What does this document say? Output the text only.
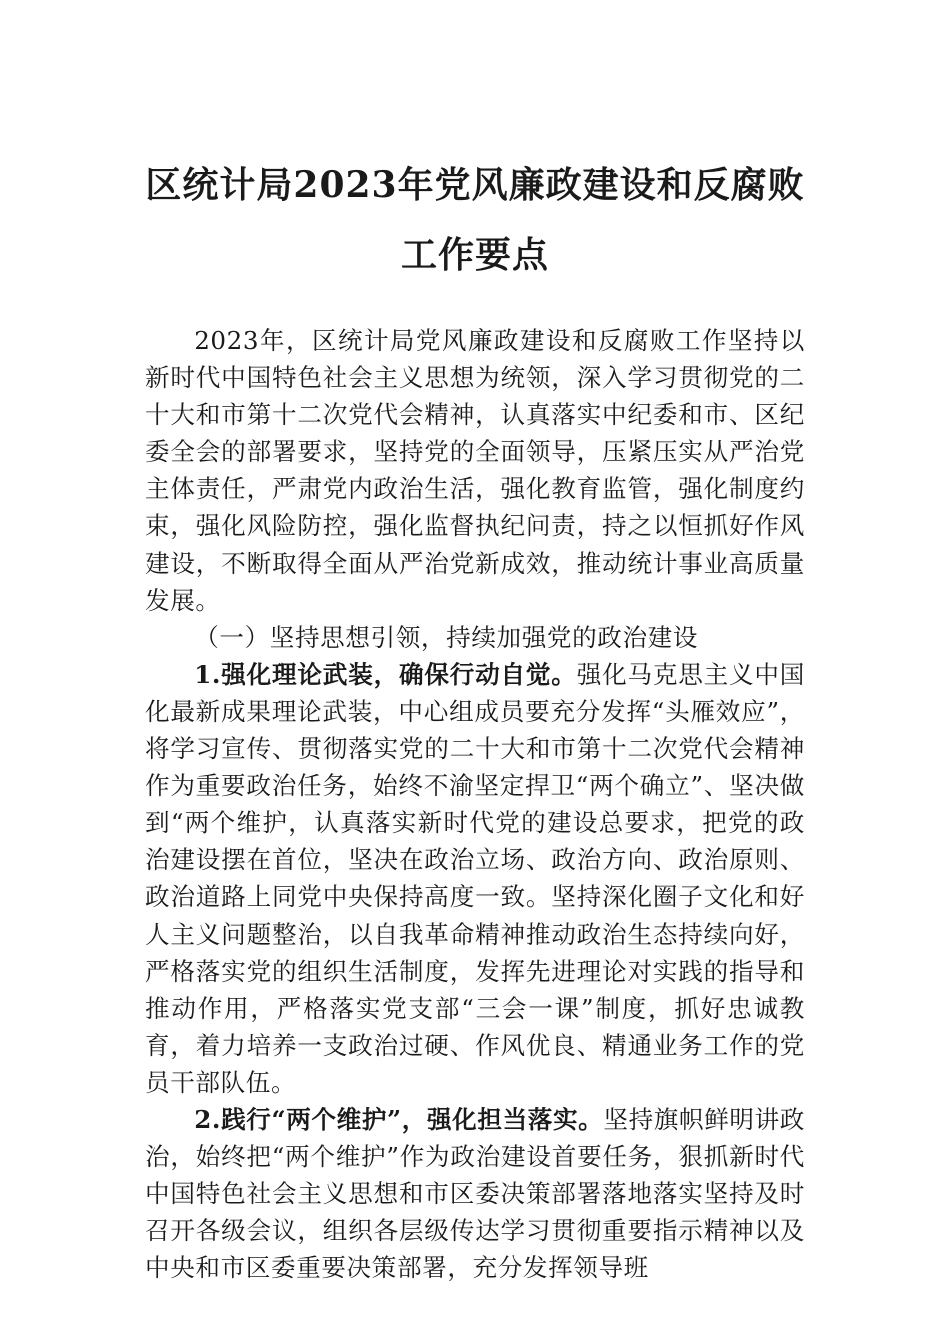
区统计局2023年党风廉政建设和反腐败工作要点

2023年，区统计局党风廉政建设和反腐败工作坚持以新时代中国特色社会主义思想为统领，深入学习贯彻党的二十大和市第十二次党代会精神，认真落实中纪委和市、区纪委全会的部署要求，坚持党的全面领导，压紧压实从严治党主体责任，严肃党内政治生活，强化教育监管，强化制度约束，强化风险防控，强化监督执纪问责，持之以恒抓好作风建设，不断取得全面从严治党新成效，推动统计事业高质量发展。

（一）坚持思想引领，持续加强党的政治建设

1.强化理论武装，确保行动自觉。强化马克思主义中国化最新成果理论武装，中心组成员要充分发挥“头雁效应”，将学习宣传、贯彻落实党的二十大和市第十二次党代会精神作为重要政治任务，始终不渝坚定捍卫“两个确立”、坚决做到“两个维护，认真落实新时代党的建设总要求，把党的政治建设摆在首位，坚决在政治立场、政治方向、政治原则、政治道路上同党中央保持高度一致。坚持深化圈子文化和好人主义问题整治，以自我革命精神推动政治生态持续向好，严格落实党的组织生活制度，发挥先进理论对实践的指导和推动作用，严格落实党支部“三会一课”制度，抓好忠诚教育，着力培养一支政治过硬、作风优良、精通业务工作的党员干部队伍。

2.践行“两个维护”，强化担当落实。坚持旗帜鲜明讲政治，始终把“两个维护”作为政治建设首要任务，狠抓新时代中国特色社会主义思想和市区委决策部署落地落实坚持及时召开各级会议，组织各层级传达学习贯彻重要指示精神以及中央和市区委重要决策部署，充分发挥领导班
